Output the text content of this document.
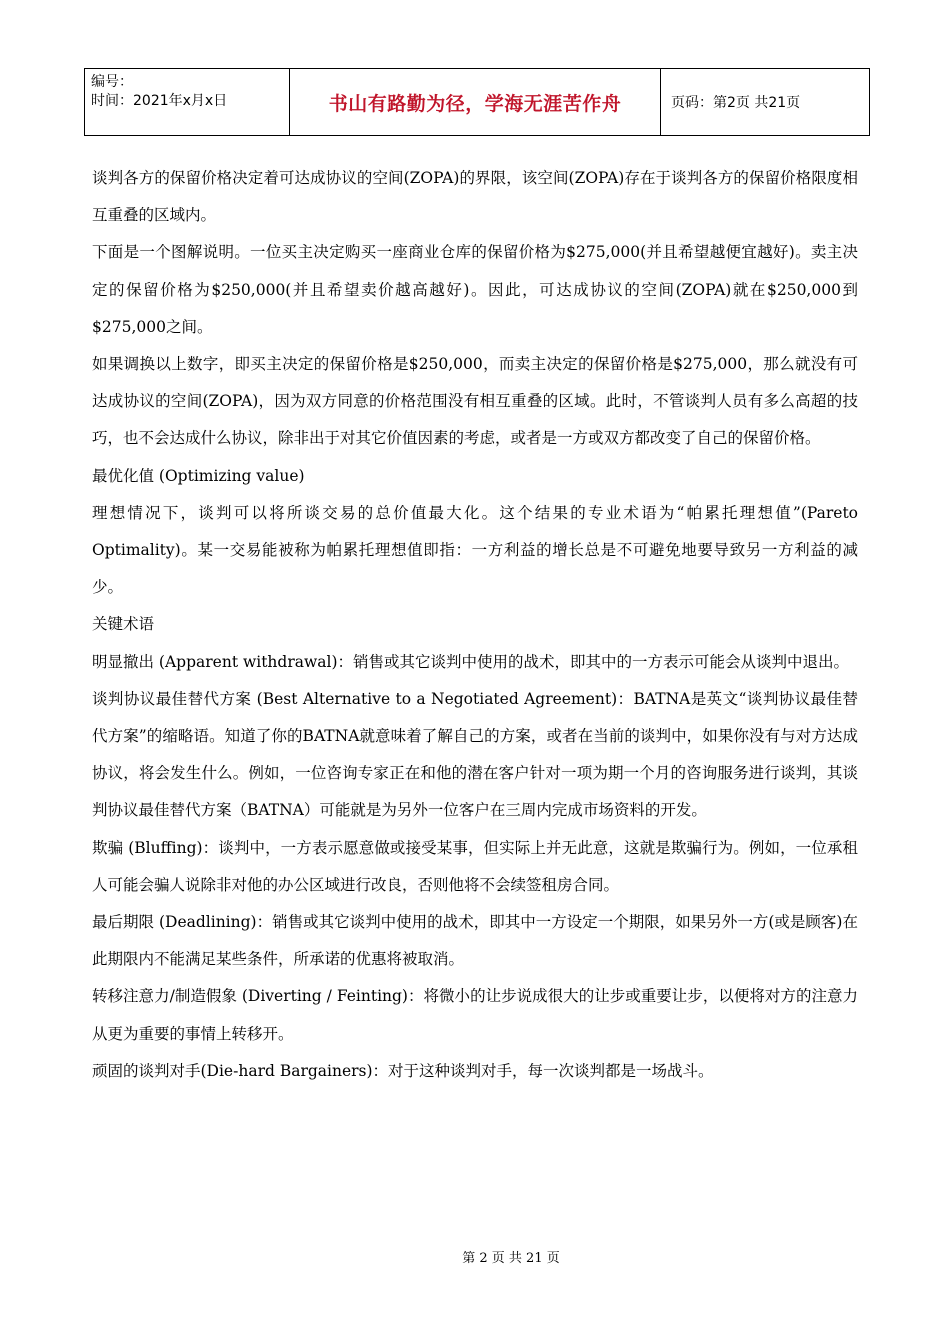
编号：
时间：2021年x月x日	书山有路勤为径，学海无涯苦作舟	页码：第2页 共21页

谈判各方的保留价格决定着可达成协议的空间(ZOPA)的界限，该空间(ZOPA)存在于谈判各方的保留价格限度相互重叠的区域内。

下面是一个图解说明。一位买主决定购买一座商业仓库的保留价格为$275,000(并且希望越便宜越好)。卖主决定的保留价格为$250,000(并且希望卖价越高越好)。因此，可达成协议的空间(ZOPA)就在$250,000到$275,000之间。

如果调换以上数字，即买主决定的保留价格是$250,000，而卖主决定的保留价格是$275,000，那么就没有可达成协议的空间(ZOPA)，因为双方同意的价格范围没有相互重叠的区域。此时，不管谈判人员有多么高超的技巧，也不会达成什么协议，除非出于对其它价值因素的考虑，或者是一方或双方都改变了自己的保留价格。

最优化值 (Optimizing value)

理想情况下，谈判可以将所谈交易的总价值最大化。这个结果的专业术语为“帕累托理想值”(Pareto Optimality)。某一交易能被称为帕累托理想值即指：一方利益的增长总是不可避免地要导致另一方利益的减少。

关键术语

明显撤出 (Apparent withdrawal)：销售或其它谈判中使用的战术，即其中的一方表示可能会从谈判中退出。

谈判协议最佳替代方案 (Best Alternative to a Negotiated Agreement)：BATNA是英文“谈判协议最佳替代方案”的缩略语。知道了你的BATNA就意味着了解自己的方案，或者在当前的谈判中，如果你没有与对方达成协议，将会发生什么。例如，一位咨询专家正在和他的潜在客户针对一项为期一个月的咨询服务进行谈判，其谈判协议最佳替代方案（BATNA）可能就是为另外一位客户在三周内完成市场资料的开发。

欺骗 (Bluffing)：谈判中，一方表示愿意做或接受某事，但实际上并无此意，这就是欺骗行为。例如，一位承租人可能会骗人说除非对他的办公区域进行改良，否则他将不会续签租房合同。

最后期限 (Deadlining)：销售或其它谈判中使用的战术，即其中一方设定一个期限，如果另外一方(或是顾客)在此期限内不能满足某些条件，所承诺的优惠将被取消。

转移注意力/制造假象 (Diverting / Feinting)：将微小的让步说成很大的让步或重要让步，以便将对方的注意力从更为重要的事情上转移开。

顽固的谈判对手(Die-hard Bargainers)：对于这种谈判对手，每一次谈判都是一场战斗。

第 2 页 共 21 页
